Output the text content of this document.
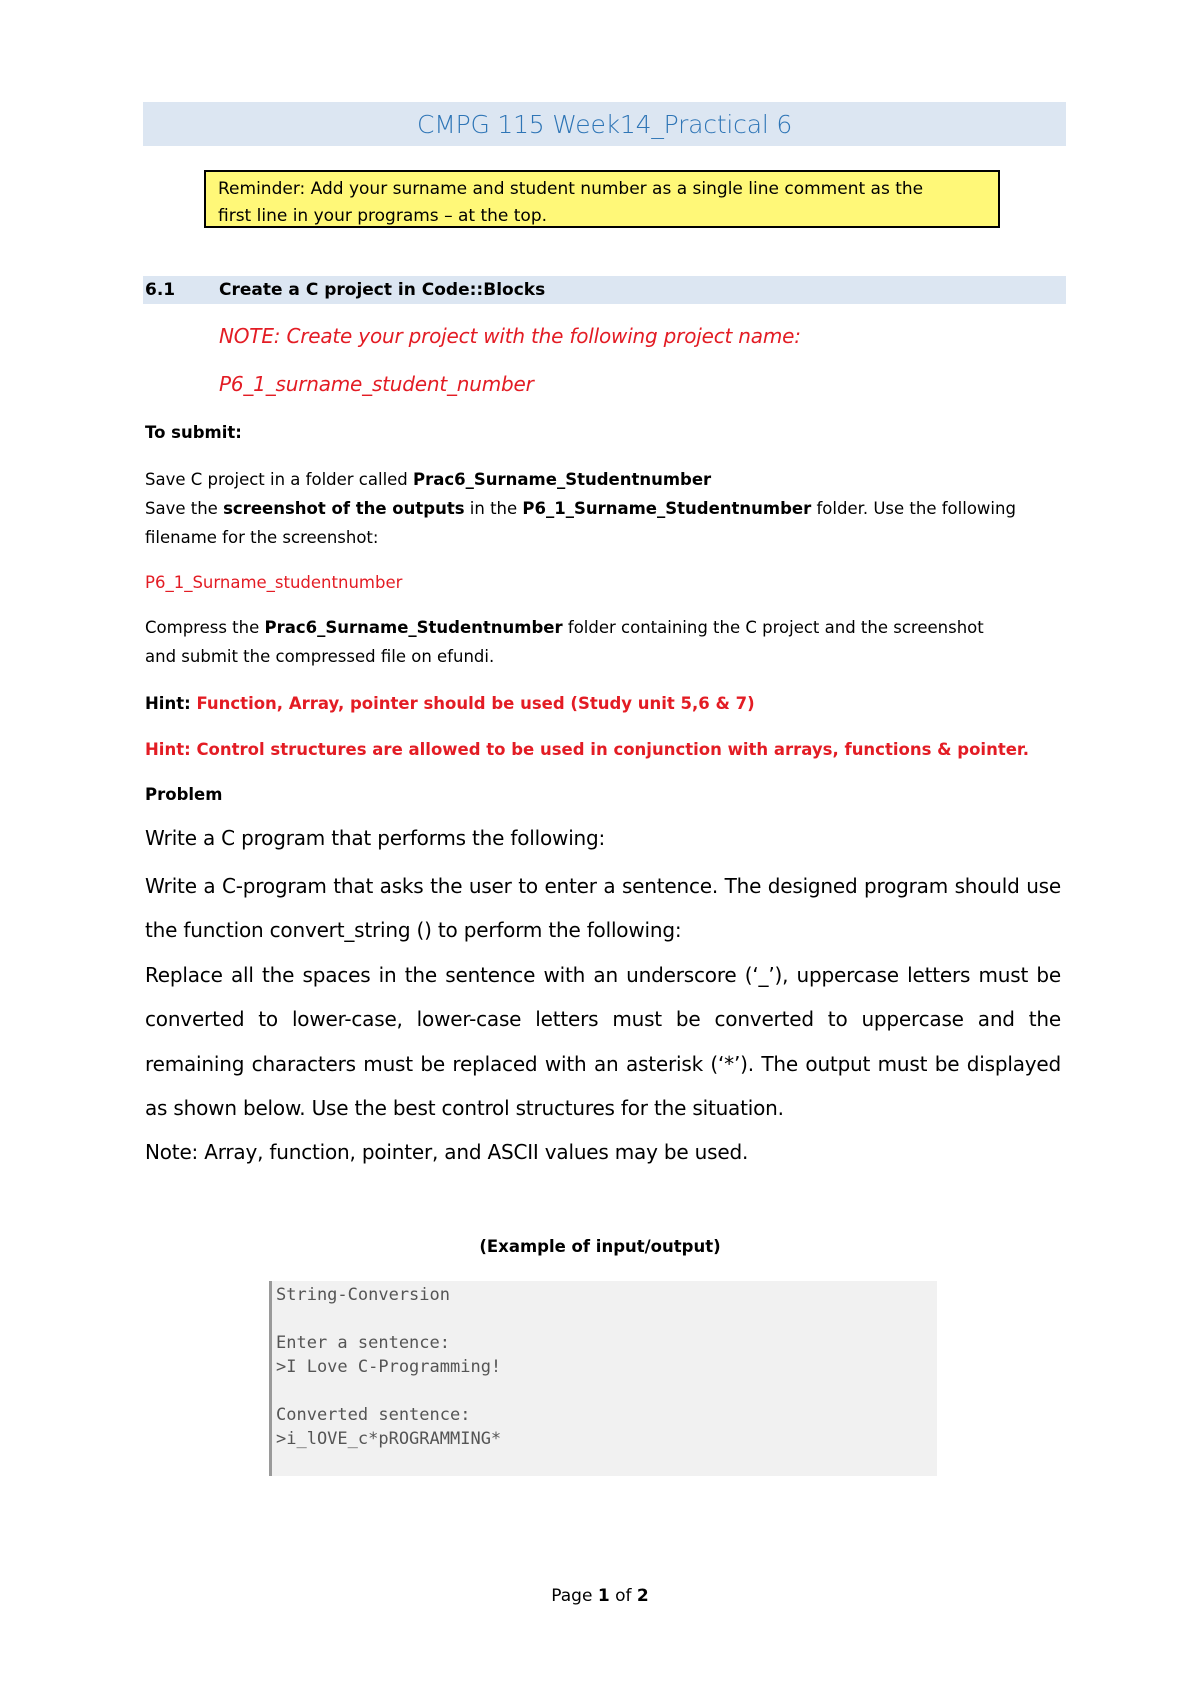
CMPG 115 Week14_Practical 6
Reminder: Add your surname and student number as a single line comment as the
first line in your programs – at the top.
6.1	Create a C project in Code::Blocks
NOTE: Create your project with the following project name:
P6_1_surname_student_number
To submit:
Save C project in a folder called Prac6_Surname_Studentnumber
Save the screenshot of the outputs in the P6_1_Surname_Studentnumber folder. Use the following
filename for the screenshot:
P6_1_Surname_studentnumber
Compress the Prac6_Surname_Studentnumber folder containing the C project and the screenshot
and submit the compressed file on efundi.
Hint: Function, Array, pointer should be used (Study unit 5,6 & 7)
Hint: Control structures are allowed to be used in conjunction with arrays, functions & pointer.
Problem
Write a C program that performs the following:
Write a C-program that asks the user to enter a sentence. The designed program should use
the function convert_string () to perform the following:
Replace all the spaces in the sentence with an underscore (‘_’), uppercase letters must be
converted to lower-case, lower-case letters must be converted to uppercase and the
remaining characters must be replaced with an asterisk (‘*’). The output must be displayed
as shown below. Use the best control structures for the situation.
Note: Array, function, pointer, and ASCII values may be used.
(Example of input/output)
String-Conversion
Enter a sentence:
>I Love C-Programming!
Converted sentence:
>i_lOVE_c*pROGRAMMING*
Page 1 of 2
